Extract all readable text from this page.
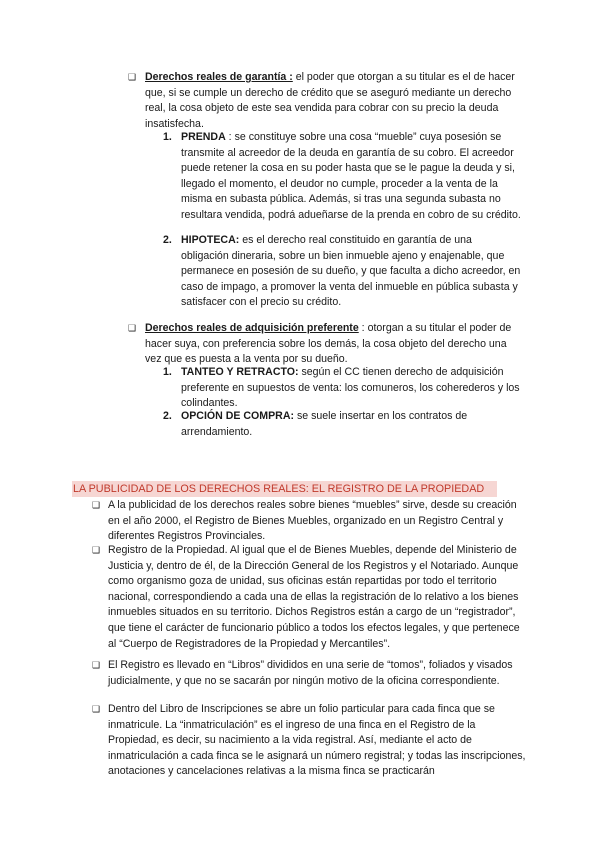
❑ Derechos reales de garantía : el poder que otorgan a su titular es el de hacer que, si se cumple un derecho de crédito que se aseguró mediante un derecho real, la cosa objeto de este sea vendida para cobrar con su precio la deuda insatisfecha.
1. PRENDA : se constituye sobre una cosa “mueble” cuya posesión se transmite al acreedor de la deuda en garantía de su cobro. El acreedor puede retener la cosa en su poder hasta que se le pague la deuda y si, llegado el momento, el deudor no cumple, proceder a la venta de la misma en subasta pública. Además, si tras una segunda subasta no resultara vendida, podrá adueñarse de la prenda en cobro de su crédito.
2. HIPOTECA: es el derecho real constituido en garantía de una obligación dineraria, sobre un bien inmueble ajeno y enajenable, que permanece en posesión de su dueño, y que faculta a dicho acreedor, en caso de impago, a promover la venta del inmueble en pública subasta y satisfacer con el precio su crédito.
❑ Derechos reales de adquisición preferente : otorgan a su titular el poder de hacer suya, con preferencia sobre los demás, la cosa objeto del derecho una vez que es puesta a la venta por su dueño.
1. TANTEO Y RETRACTO: según el CC tienen derecho de adquisición preferente en supuestos de venta: los comuneros, los coherederos y los colindantes.
2. OPCIÓN DE COMPRA: se suele insertar en los contratos de arrendamiento.
LA PUBLICIDAD DE LOS DERECHOS REALES: EL REGISTRO DE LA PROPIEDAD
❑ A la publicidad de los derechos reales sobre bienes “muebles” sirve, desde su creación en el año 2000, el Registro de Bienes Muebles, organizado en un Registro Central y diferentes Registros Provinciales.
❑ Registro de la Propiedad. Al igual que el de Bienes Muebles, depende del Ministerio de Justicia y, dentro de él, de la Dirección General de los Registros y el Notariado. Aunque como organismo goza de unidad, sus oficinas están repartidas por todo el territorio nacional, correspondiendo a cada una de ellas la registración de lo relativo a los bienes inmuebles situados en su territorio. Dichos Registros están a cargo de un “registrador”, que tiene el carácter de funcionario público a todos los efectos legales, y que pertenece al “Cuerpo de Registradores de la Propiedad y Mercantiles”.
❑ El Registro es llevado en “Libros” divididos en una serie de “tomos”, foliados y visados judicialmente, y que no se sacarán por ningún motivo de la oficina correspondiente.
❑ Dentro del Libro de Inscripciones se abre un folio particular para cada finca que se inmatricule. La “inmatriculación” es el ingreso de una finca en el Registro de la Propiedad, es decir, su nacimiento a la vida registral. Así, mediante el acto de inmatriculación a cada finca se le asignará un número registral; y todas las inscripciones, anotaciones y cancelaciones relativas a la misma finca se practicarán
